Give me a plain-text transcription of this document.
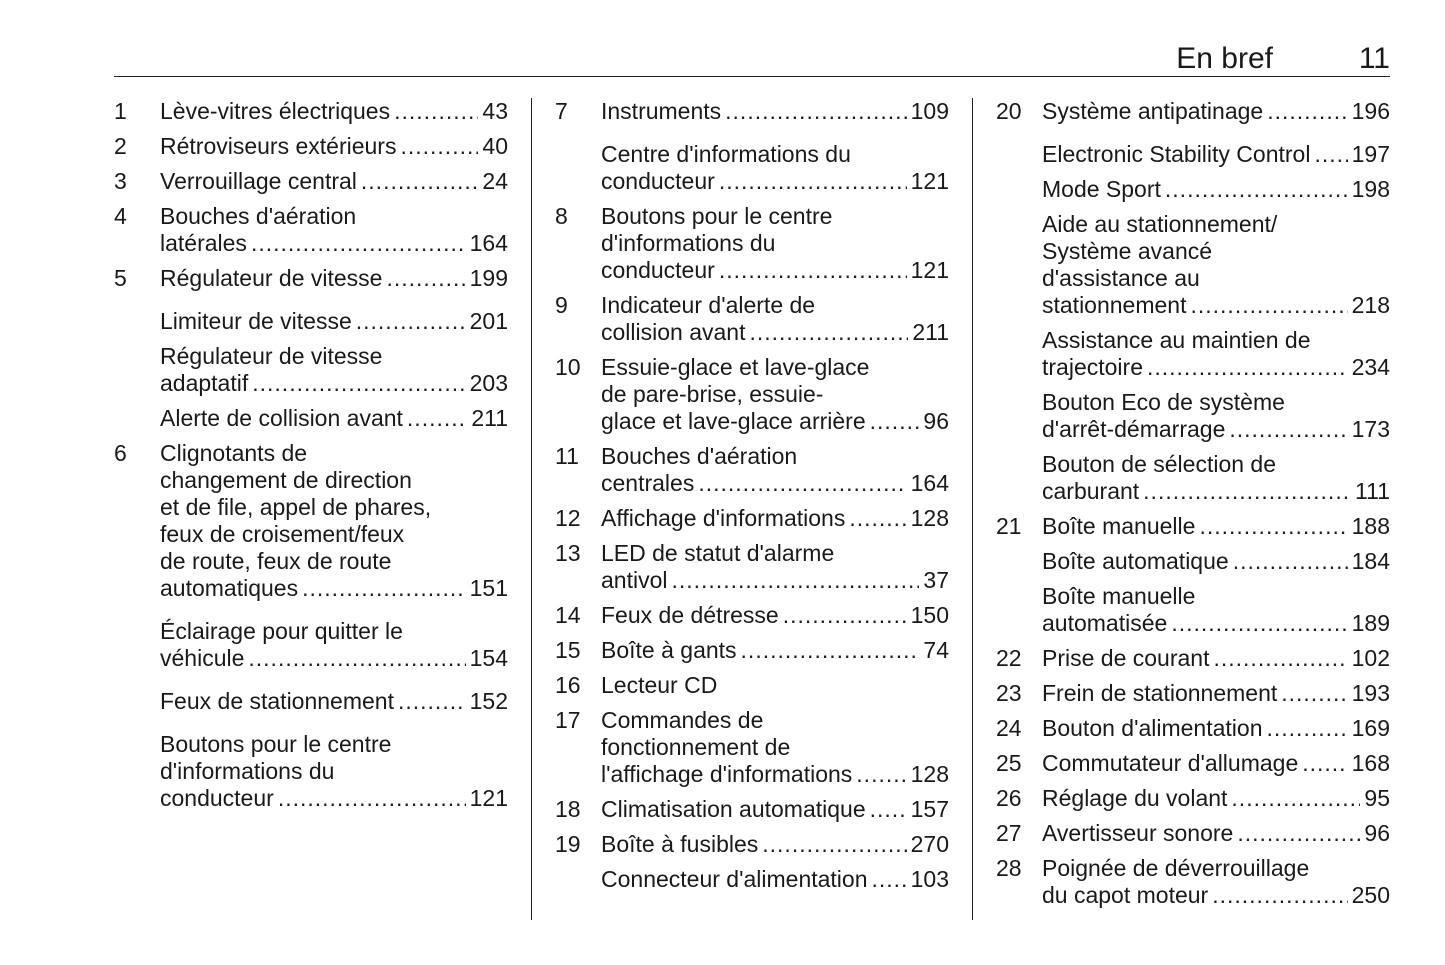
En bref	11
1	Lève-vitres électriques .....	43
2	Rétroviseurs extérieurs .....	40
3	Verrouillage central .....	24
4	Bouches d'aération
latérales .....	164
5	Régulateur de vitesse .....	199
Limiteur de vitesse .....	201
Régulateur de vitesse
adaptatif .....	203
Alerte de collision avant .....	211
6	Clignotants de
changement de direction
et de file, appel de phares,
feux de croisement/feux
de route, feux de route
automatiques .....	151
Éclairage pour quitter le
véhicule .....	154
Feux de stationnement .....	152
Boutons pour le centre
d'informations du
conducteur .....	121
7	Instruments .....	109
Centre d'informations du
conducteur .....	121
8	Boutons pour le centre
d'informations du
conducteur .....	121
9	Indicateur d'alerte de
collision avant .....	211
10 Essuie-glace et lave-glace
de pare-brise, essuie-
glace et lave-glace arrière .....	96
11 Bouches d'aération
centrales .....	164
12 Affichage d'informations .....	128
13 LED de statut d'alarme
antivol .....	37
14 Feux de détresse .....	150
15 Boîte à gants .....	74
16 Lecteur CD
17 Commandes de
fonctionnement de
l'affichage d'informations .....	128
18 Climatisation automatique ..... 157
19 Boîte à fusibles .....	270
Connecteur d'alimentation ..... 103
20 Système antipatinage .....	196
Electronic Stability Control ..... 197
Mode Sport .....	198
Aide au stationnement/
Système avancé
d'assistance au
stationnement .....	218
Assistance au maintien de
trajectoire .....	234
Bouton Eco de système
d'arrêt-démarrage .....	173
Bouton de sélection de
carburant .....	111
21 Boîte manuelle .....	188
Boîte automatique .....	184
Boîte manuelle
automatisée .....	189
22 Prise de courant .....	102
23 Frein de stationnement .....	193
24 Bouton d'alimentation .....	169
25 Commutateur d'allumage ..... 168
26 Réglage du volant .....	95
27 Avertisseur sonore .....	96
28 Poignée de déverrouillage
du capot moteur .....	250
